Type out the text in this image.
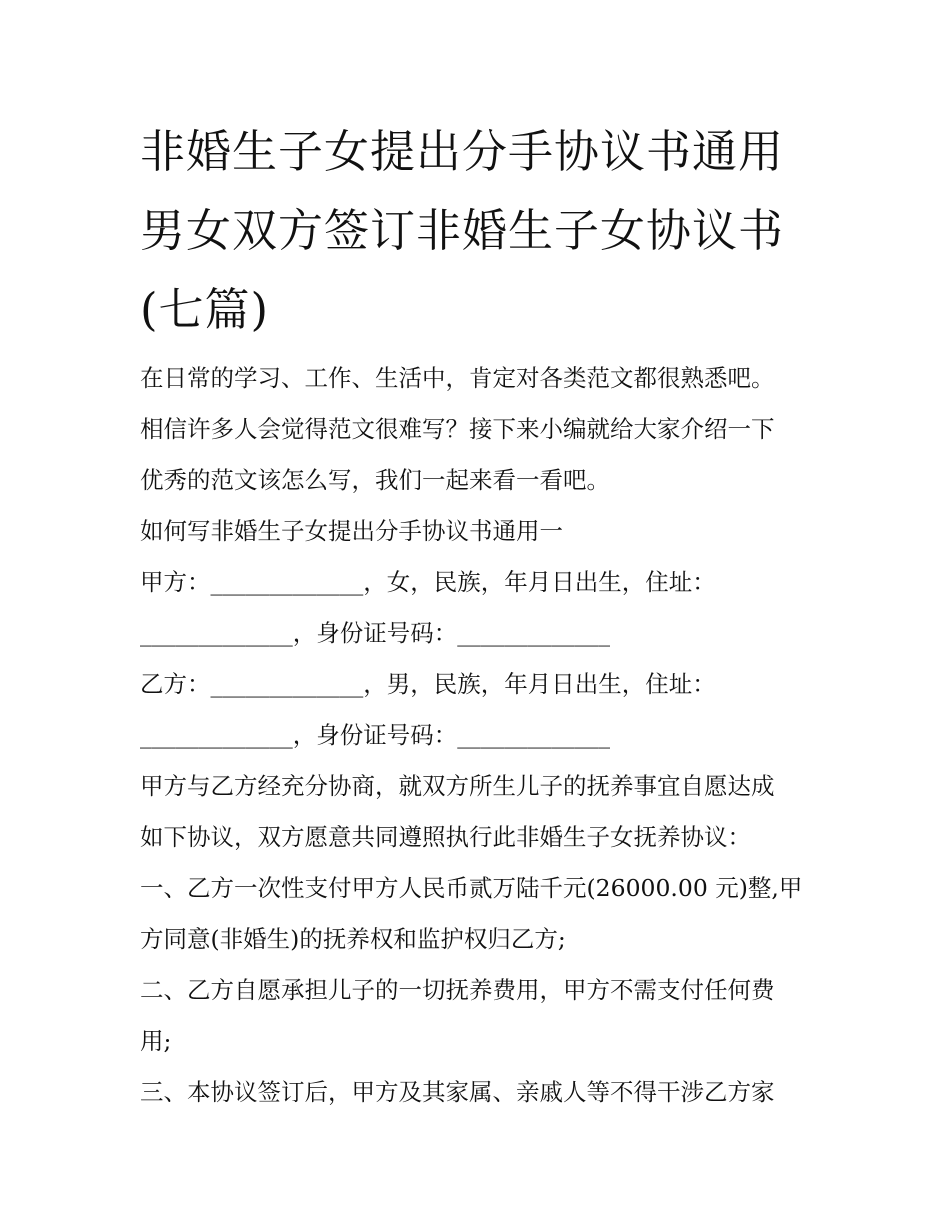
非婚生子女提出分手协议书通用 男女双方签订非婚生子女协议书(七篇)

在日常的学习、工作、生活中，肯定对各类范文都很熟悉吧。

相信许多人会觉得范文很难写？接下来小编就给大家介绍一下

优秀的范文该怎么写，我们一起来看一看吧。

如何写非婚生子女提出分手协议书通用一

甲方：_____________，女，民族，年月日出生，住址：

_____________，身份证号码：_____________

乙方：_____________，男，民族，年月日出生，住址：

_____________，身份证号码：_____________

甲方与乙方经充分协商，就双方所生儿子的抚养事宜自愿达成

如下协议，双方愿意共同遵照执行此非婚生子女抚养协议：

一、乙方一次性支付甲方人民币贰万陆千元(26000.00 元)整,甲

方同意(非婚生)的抚养权和监护权归乙方;

二、乙方自愿承担儿子的一切抚养费用，甲方不需支付任何费

用;

三、本协议签订后，甲方及其家属、亲戚人等不得干涉乙方家
